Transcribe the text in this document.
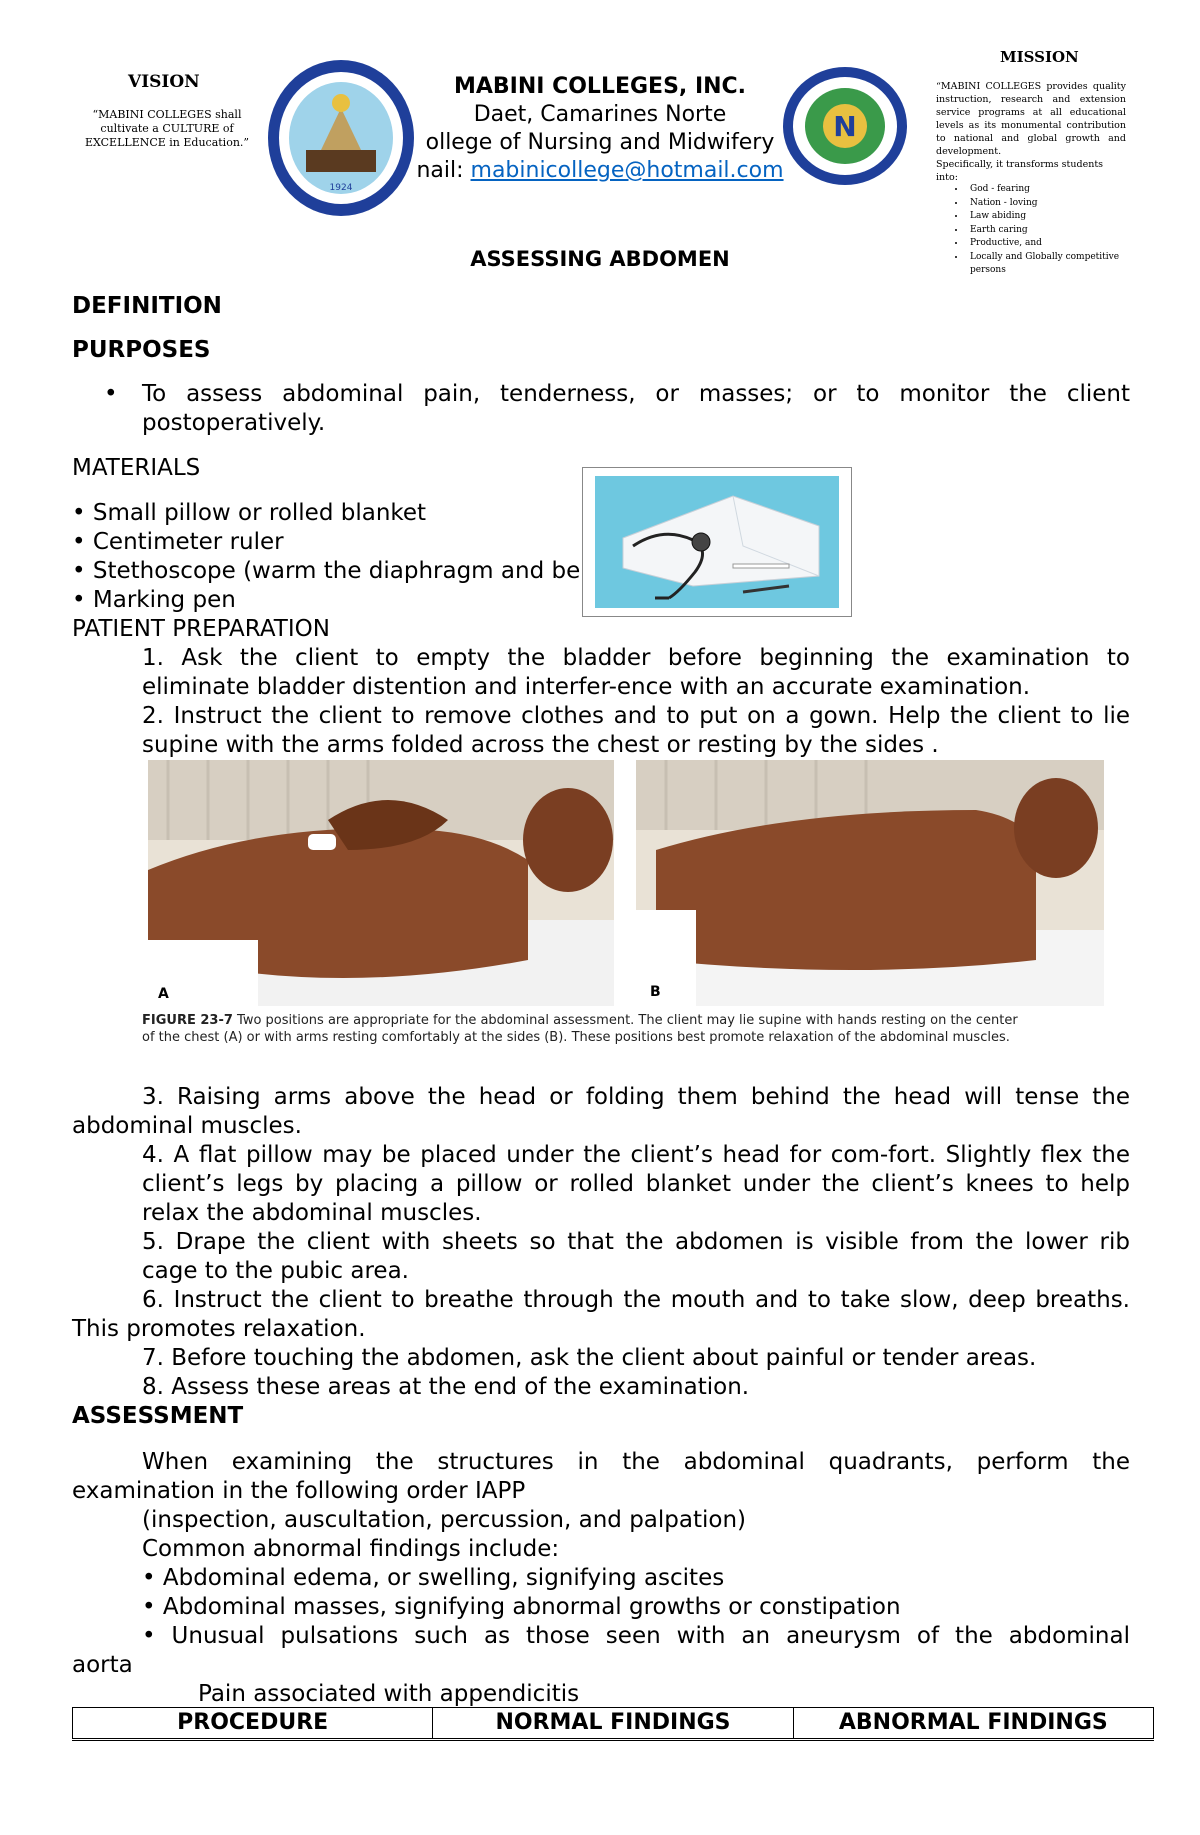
VISION
“MABINI COLLEGES shall cultivate a CULTURE of EXCELLENCE in Education.”
1924
MABINI COLLEGES, INC.
Daet, Camarines Norte
ollege of Nursing and Midwifery
nail: mabinicollege@hotmail.com
N
MISSION
“MABINI COLLEGES provides quality instruction, research and extension service programs at all educational levels as its monumental contribution to national and global growth and development.
Specifically, it transforms students into:
• God - fearing
• Nation - loving
• Law abiding
• Earth caring
• Productive, and
• Locally and Globally competitive persons
ASSESSING ABDOMEN
DEFINITION
PURPOSES
• To assess abdominal pain, tenderness, or masses; or to monitor the client
postoperatively.
MATERIALS
• Small pillow or rolled blanket
• Centimeter ruler
• Stethoscope (warm the diaphragm and be
• Marking pen
PATIENT PREPARATION
1. Ask the client to empty the bladder before beginning the examination to
eliminate bladder distention and interfer-ence with an accurate examination.
2. Instruct the client to remove clothes and to put on a gown. Help the client to lie
supine with the arms folded across the chest or resting by the sides .
A	B
FIGURE 23-7 Two positions are appropriate for the abdominal assessment. The client may lie supine with hands resting on the center
of the chest (A) or with arms resting comfortably at the sides (B). These positions best promote relaxation of the abdominal muscles.
3. Raising arms above the head or folding them behind the head will tense the
abdominal muscles.
4. A flat pillow may be placed under the client’s head for com-fort. Slightly flex the
client’s legs by placing a pillow or rolled blanket under the client’s knees to help
relax the abdominal muscles.
5. Drape the client with sheets so that the abdomen is visible from the lower rib
cage to the pubic area.
6. Instruct the client to breathe through the mouth and to take slow, deep breaths.
This promotes relaxation.
7. Before touching the abdomen, ask the client about painful or tender areas.
8. Assess these areas at the end of the examination.
ASSESSMENT
When examining the structures in the abdominal quadrants, perform the
examination in the following order IAPP
(inspection, auscultation, percussion, and palpation)
Common abnormal findings include:
• Abdominal edema, or swelling, signifying ascites
• Abdominal masses, signifying abnormal growths or constipation
• Unusual pulsations such as those seen with an aneurysm of the abdominal
aorta
Pain associated with appendicitis
PROCEDURE	NORMAL FINDINGS	ABNORMAL FINDINGS
